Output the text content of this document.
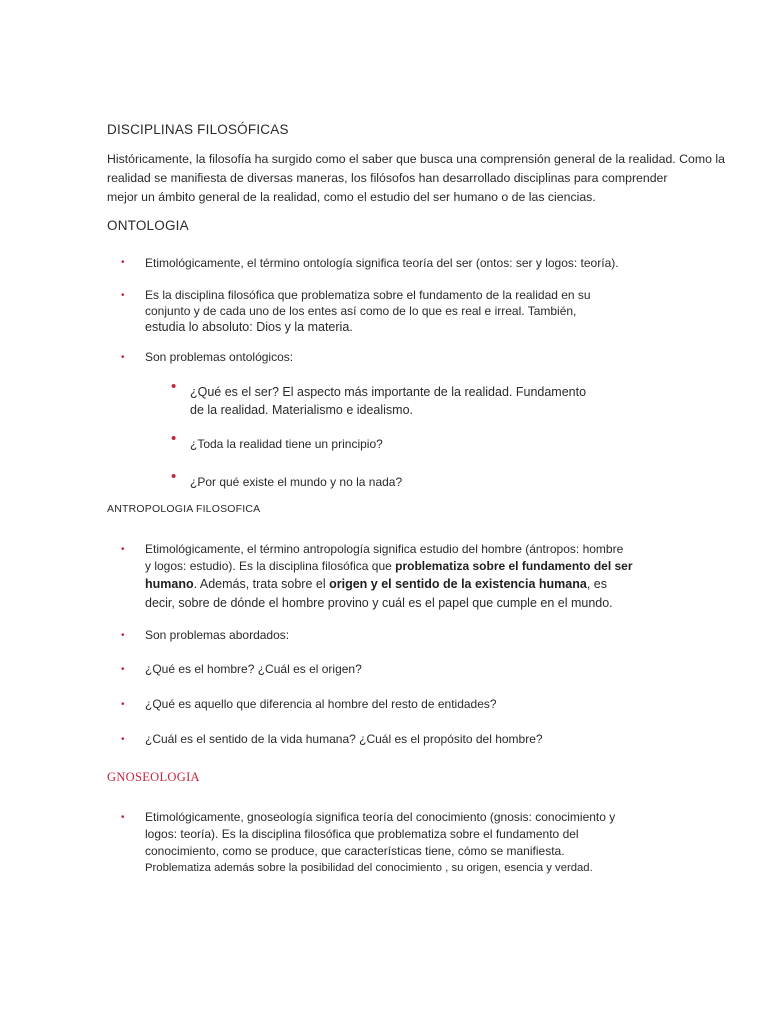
DISCIPLINAS FILOSÓFICAS
Históricamente, la filosofía ha surgido como el saber que busca una comprensión general de la realidad. Como la
realidad se manifiesta de diversas maneras, los filósofos han desarrollado disciplinas para comprender
mejor un ámbito general de la realidad, como el estudio del ser humano o de las ciencias.
ONTOLOGIA
• Etimológicamente, el término ontología significa teoría del ser (ontos: ser y logos: teoría).
• Es la disciplina filosófica que problematiza sobre el fundamento de la realidad en su
conjunto y de cada uno de los entes así como de lo que es real e irreal. También,
estudia lo absoluto: Dios y la materia.
• Son problemas ontológicos:
• ¿Qué es el ser? El aspecto más importante de la realidad. Fundamento
de la realidad. Materialismo e idealismo.
• ¿Toda la realidad tiene un principio?
• ¿Por qué existe el mundo y no la nada?
ANTROPOLOGIA FILOSOFICA
• Etimológicamente, el término antropología significa estudio del hombre (ántropos: hombre
y logos: estudio). Es la disciplina filosófica que problematiza sobre el fundamento del ser
humano. Además, trata sobre el origen y el sentido de la existencia humana, es
decir, sobre de dónde el hombre provino y cuál es el papel que cumple en el mundo.
• Son problemas abordados:
• ¿Qué es el hombre? ¿Cuál es el origen?
• ¿Qué es aquello que diferencia al hombre del resto de entidades?
• ¿Cuál es el sentido de la vida humana? ¿Cuál es el propósito del hombre?
GNOSEOLOGIA
• Etimológicamente, gnoseología significa teoría del conocimiento (gnosis: conocimiento y
logos: teoría). Es la disciplina filosófica que problematiza sobre el fundamento del
conocimiento, como se produce, que características tiene, cómo se manifiesta.
Problematiza además sobre la posibilidad del conocimiento , su origen, esencia y verdad.
